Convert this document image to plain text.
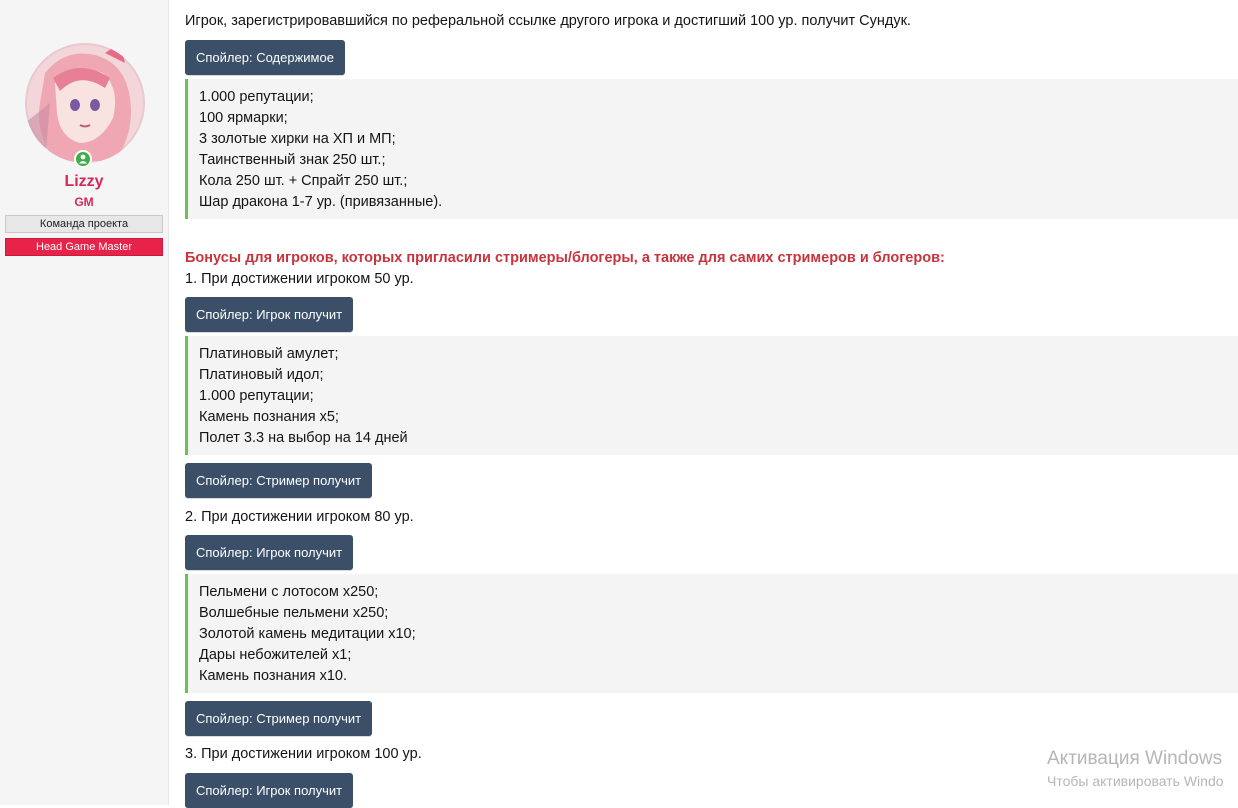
Lizzy
GM
Команда проекта
Head Game Master
Игрок, зарегистрировавшийся по реферальной ссылке другого игрока и достигший 100 ур. получит Сундук.
Спойлер: Содержимое
1.000 репутации;
100 ярмарки;
3 золотые хирки на ХП и МП;
Таинственный знак 250 шт.;
Кола 250 шт. + Спрайт 250 шт.;
Шар дракона 1-7 ур. (привязанные).
Бонусы для игроков, которых пригласили стримеры/блогеры, а также для самих стримеров и блогеров:
1. При достижении игроком 50 ур.
Спойлер: Игрок получит
Платиновый амулет;
Платиновый идол;
1.000 репутации;
Камень познания x5;
Полет 3.3 на выбор на 14 дней
Спойлер: Стример получит
2. При достижении игроком 80 ур.
Спойлер: Игрок получит
Пельмени с лотосом x250;
Волшебные пельмени x250;
Золотой камень медитации x10;
Дары небожителей x1;
Камень познания x10.
Спойлер: Стример получит
3. При достижении игроком 100 ур.
Спойлер: Игрок получит
Активация Windows
Чтобы активировать Windo
